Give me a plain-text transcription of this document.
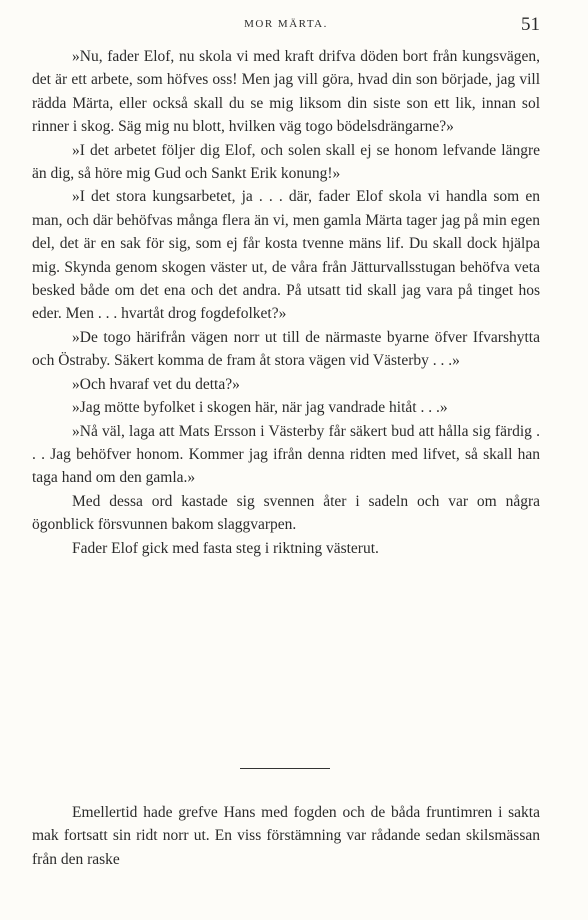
MOR MÄRTA.	51

»Nu, fader Elof, nu skola vi med kraft drifva döden bort från kungsvägen, det är ett arbete, som höfves oss! Men jag vill göra, hvad din son började, jag vill rädda Märta, eller också skall du se mig liksom din siste son ett lik, innan sol rinner i skog. Säg mig nu blott, hvilken väg togo bödelsdrängarne?»

»I det arbetet följer dig Elof, och solen skall ej se honom lefvande längre än dig, så höre mig Gud och Sankt Erik konung!»

»I det stora kungsarbetet, ja . . . där, fader Elof skola vi handla som en man, och där behöfvas många flera än vi, men gamla Märta tager jag på min egen del, det är en sak för sig, som ej får kosta tvenne mäns lif. Du skall dock hjälpa mig. Skynda genom skogen väster ut, de våra från Jätturvallsstugan behöfva veta besked både om det ena och det andra. På utsatt tid skall jag vara på tinget hos eder. Men . . . hvartåt drog fogdefolket?»

»De togo härifrån vägen norr ut till de närmaste byarne öfver Ifvarshytta och Östraby. Säkert komma de fram åt stora vägen vid Västerby . . .»

»Och hvaraf vet du detta?»

»Jag mötte byfolket i skogen här, när jag vandrade hitåt . . .»

»Nå väl, laga att Mats Ersson i Västerby får säkert bud att hålla sig färdig . . . Jag behöfver honom. Kommer jag ifrån denna ridten med lifvet, så skall han taga hand om den gamla.»

Med dessa ord kastade sig svennen åter i sadeln och var om några ögonblick försvunnen bakom slaggvarpen.

Fader Elof gick med fasta steg i riktning västerut.

Emellertid hade grefve Hans med fogden och de båda fruntimren i sakta mak fortsatt sin ridt norr ut. En viss förstämning var rådande sedan skilsmässan från den raske
